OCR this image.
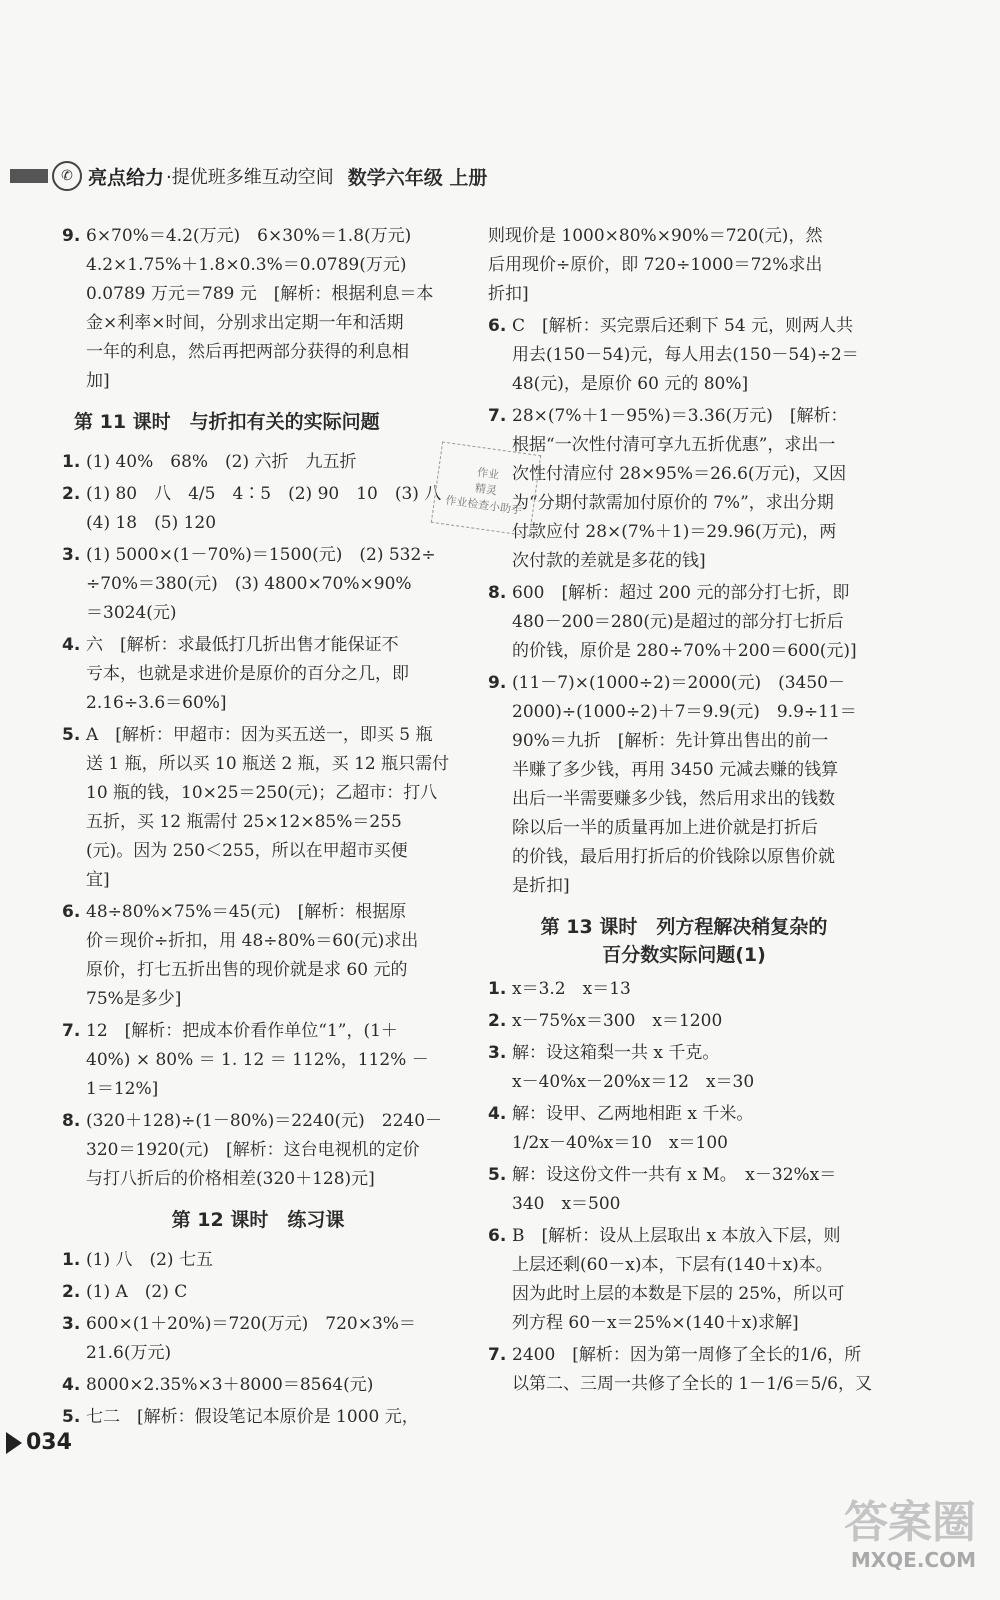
✆ 亮点给力 ·提优班多维互动空间 数学六年级 上册
9. 6×70%＝4.2(万元)　6×30%＝1.8(万元)
4.2×1.75%＋1.8×0.3%＝0.0789(万元)
0.0789 万元＝789 元　[解析：根据利息＝本
金×利率×时间，分别求出定期一年和活期
一年的利息，然后再把两部分获得的利息相
加]
第 11 课时　与折扣有关的实际问题
1. (1) 40%　68%　(2) 六折　九五折
2. (1) 80　八　4/5　4∶5　(2) 90　10　(3) 八
(4) 18　(5) 120
3. (1) 5000×(1－70%)＝1500(元)　(2) 532÷
÷70%＝380(元)　(3) 4800×70%×90%
＝3024(元)
4. 六　[解析：求最低打几折出售才能保证不
亏本，也就是求进价是原价的百分之几，即
2.16÷3.6＝60%]
5. A　[解析：甲超市：因为买五送一，即买 5 瓶
送 1 瓶，所以买 10 瓶送 2 瓶，买 12 瓶只需付
10 瓶的钱，10×25＝250(元)；乙超市：打八
五折，买 12 瓶需付 25×12×85%＝255
(元)。因为 250＜255，所以在甲超市买便
宜]
6. 48÷80%×75%＝45(元)　[解析：根据原
价＝现价÷折扣，用 48÷80%＝60(元)求出
原价，打七五折出售的现价就是求 60 元的
75%是多少]
7. 12　[解析：把成本价看作单位“1”，(1＋
40%) × 80% ＝ 1. 12 ＝ 112%，112% －
1＝12%]
8. (320＋128)÷(1－80%)＝2240(元)　2240－
320＝1920(元)　[解析：这台电视机的定价
与打八折后的价格相差(320＋128)元]
第 12 课时　练习课
1. (1) 八　(2) 七五
2. (1) A　(2) C
3. 600×(1＋20%)＝720(万元)　720×3%＝
21.6(万元)
4. 8000×2.35%×3＋8000＝8564(元)
5. 七二　[解析：假设笔记本原价是 1000 元，
则现价是 1000×80%×90%＝720(元)，然
后用现价÷原价，即 720÷1000＝72%求出
折扣]
6. C　[解析：买完票后还剩下 54 元，则两人共
用去(150－54)元，每人用去(150－54)÷2＝
48(元)，是原价 60 元的 80%]
7. 28×(7%＋1－95%)＝3.36(万元)　[解析：
根据“一次性付清可享九五折优惠”，求出一
次性付清应付 28×95%＝26.6(万元)，又因
为“分期付款需加付原价的 7%”，求出分期
付款应付 28×(7%＋1)＝29.96(万元)，两
次付款的差就是多花的钱]
8. 600　[解析：超过 200 元的部分打七折，即
480－200＝280(元)是超过的部分打七折后
的价钱，原价是 280÷70%＋200＝600(元)]
9. (11－7)×(1000÷2)＝2000(元)　(3450－
2000)÷(1000÷2)＋7＝9.9(元)　9.9÷11＝
90%＝九折　[解析：先计算出售出的前一
半赚了多少钱，再用 3450 元减去赚的钱算
出后一半需要赚多少钱，然后用求出的钱数
除以后一半的质量再加上进价就是打折后
的价钱，最后用打折后的价钱除以原售价就
是折扣]
第 13 课时　列方程解决稍复杂的
百分数实际问题(1)
1. x＝3.2　x＝13
2. x－75%x＝300　x＝1200
3. 解：设这箱梨一共 x 千克。
x－40%x－20%x＝12　x＝30
4. 解：设甲、乙两地相距 x 千米。
1/2x－40%x＝10　x＝100
5. 解：设这份文件一共有 x M。　x－32%x＝
340　x＝500
6. B　[解析：设从上层取出 x 本放入下层，则
上层还剩(60－x)本，下层有(140＋x)本。
因为此时上层的本数是下层的 25%，所以可
列方程 60－x＝25%×(140＋x)求解]
7. 2400　[解析：因为第一周修了全长的1/6，所
以第二、三周一共修了全长的 1－1/6＝5/6，又
作业
精灵
作业检查小助手
034
答案圈
MXQE.COM
